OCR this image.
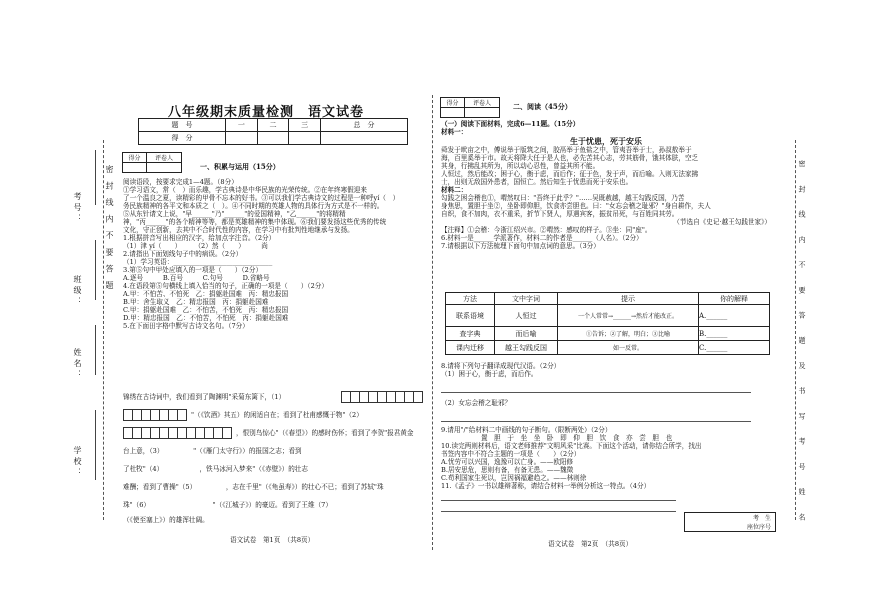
密 封 线 内 不 要 答 题
考号：
班级：
姓名：
学校：
八年级期末质量检测　语文试卷
题　号	一	二	三	总　分
得　分				
得分	评卷人

一、积累与运用（15分）
阅读语段，按要求完成1—4题。（8分）
①学习语文，常（　）而乐趣，学古典诗是中华民族的光荣传统。②在年终寒假迎来
了一个温良之夏，读精彩的甲骨不忘本的好书。③可以我们学古典诗文的过程是一种呼yí（　）
务民族精神的各平文和本质之（　）。④不同时期的英雄人物的具体行为方式是不一样的。
⑤从东针请文上说，"早______"乃"______"的爱国精神，"乙______"的将精精
神，"丙______"的各个精神等等，都是英雄精神的集中体现。⑥我们要发扬这些优秀的传统
文化，守正创新，去其中不合时代性的内容，在学习中有批判性地继承与发扬。
1.根据拼音写出相应的汉字，给加点字注音。（2分）
（1）津 yí（　　）　　　（2）然（　　）　　　尚
2.请指出下面划线句子中的病误。（2分）
（1）学习英语：______________________________
3.第⑤句中甲处应填入的一项是（　　）（2分）
A.逐号　　　B.百号　　　C.句号　　　D.省略号
4.在语段第⑤句横线上填入恰当的句子，正确的一项是（　　）（2分）
A.甲：不怕苦、不怕死　乙：捐躯赴国难　丙：精忠报国
B.甲：舍生取义　乙：精忠报国　丙：捐躯赴国难
C.甲：捐躯赴国难　乙：不怕苦，不怕死　丙：精忠报国
D.甲：精忠报国　乙：不怕苦，不怕死　丙：捐躯赴国难
5.在下面田字格中默写古诗文名句。（7分）
锦绣在古诗词中，我们看到了陶渊明"采菊东篱下，（1）
"（《饮酒》其五）的闲适自在；看到了杜甫感慨于物"（2）
，恨别鸟惊心"（《春望》）的感时伤怀；看到了李贺"报君黄金
台上意，（3）　　　　　"（《雁门太守行》）的报国之志；看到
了杜牧"（4）　　　　　　，铁马冰河入梦来"（《赤壁》）的壮志
难酬；看到了曹操"（5）　　　　　，志在千里"（《龟虽寿》）的壮心不已；看到了苏轼"珠
珠"（6）　　　　　　　　　　"（《江城子》）的豪迈。看到了王维（7）
（《使至塞上》）的雄浑壮阔。
语文试卷　第1页　（共8页）
得分	评卷人
		二、阅读（45分）
（一）阅读下面材料，完成6—11题。（15分）
材料一：
生于忧患，死于安乐
舜发于畎亩之中，傅说举于版筑之间，胶鬲举于鱼盐之中，管夷吾举于士，孙叔敖举于
海，百里奚举于市。故天将降大任于是人也，必先苦其心志，劳其筋骨，饿其体肤，空乏
其身，行拂乱其所为，所以动心忍性，曾益其所不能。
人恒过，然后能改；困于心，衡于虑，而后作；征于色，发于声，而后喻。入则无法家拂
士，出则无敌国外患者，国恒亡。然后知生于忧患而死于安乐也。
材料二：
勾践之困会稽也①，喟然叹曰："吾终于此乎？"……吴既赦越，越王勾践反国，乃苦
身焦思，置胆于坐②，坐卧即仰胆，饮食亦尝胆也。曰："女忘会稽之耻邪？"身自耕作，夫人
自织，食不加肉，衣不重采，折节下贤人，厚遇宾客，振贫吊死，与百姓同其劳。
（节选自《史记·越王勾践世家》）
【注释】①会稽：今浙江绍兴市。②喟然：感叹的样子。③坐：同"座"。
6.材料一是______学派著作，材料二的作者是______（人名）。（2分）
7.请根据以下方法梳理下面句中加点词的意思。（3分）
方法	文中字词	提示	你的解释
联系语境	人恒过	一个人常常→______→然后才能改正。	A.______
查字典	而后喻	①告诉；②了解，明白；③比喻	B.______
课内迁移	越王勾践反国	如一反常。	C.______
8.请将下列句子翻译成现代汉语。（2分）
（1）困于心，衡于虑，而后作。
（2）女忘会稽之耻邪？
9.请用"/"给材料二中画线的句子断句。（限断两处）（2分）
置　胆　于　坐　坐　卧　即　仰　胆　饮　食　亦　尝　胆　也
10.读完两则材料后，语文老师推荐"文明风采"比赛。下面这个活动，请你结合所学，找出
书签内容中不符合主题的一项是（　　）（2分）
A.忧劳可以兴国，逸豫可以亡身。——欧阳修
B.居安思危，思则有备，有备无患。——魏徵
C.苟利国家生死以，岂因祸福避趋之。——林则徐
11.《孟子》一书以雄辩著称，请结合材料一举例分析这一特点。（4分）
考　生
座位序号
语文试卷　第2页　（共8页）
密 封 线 内 不 要 答 题 及 书 写 考 号 姓 名
